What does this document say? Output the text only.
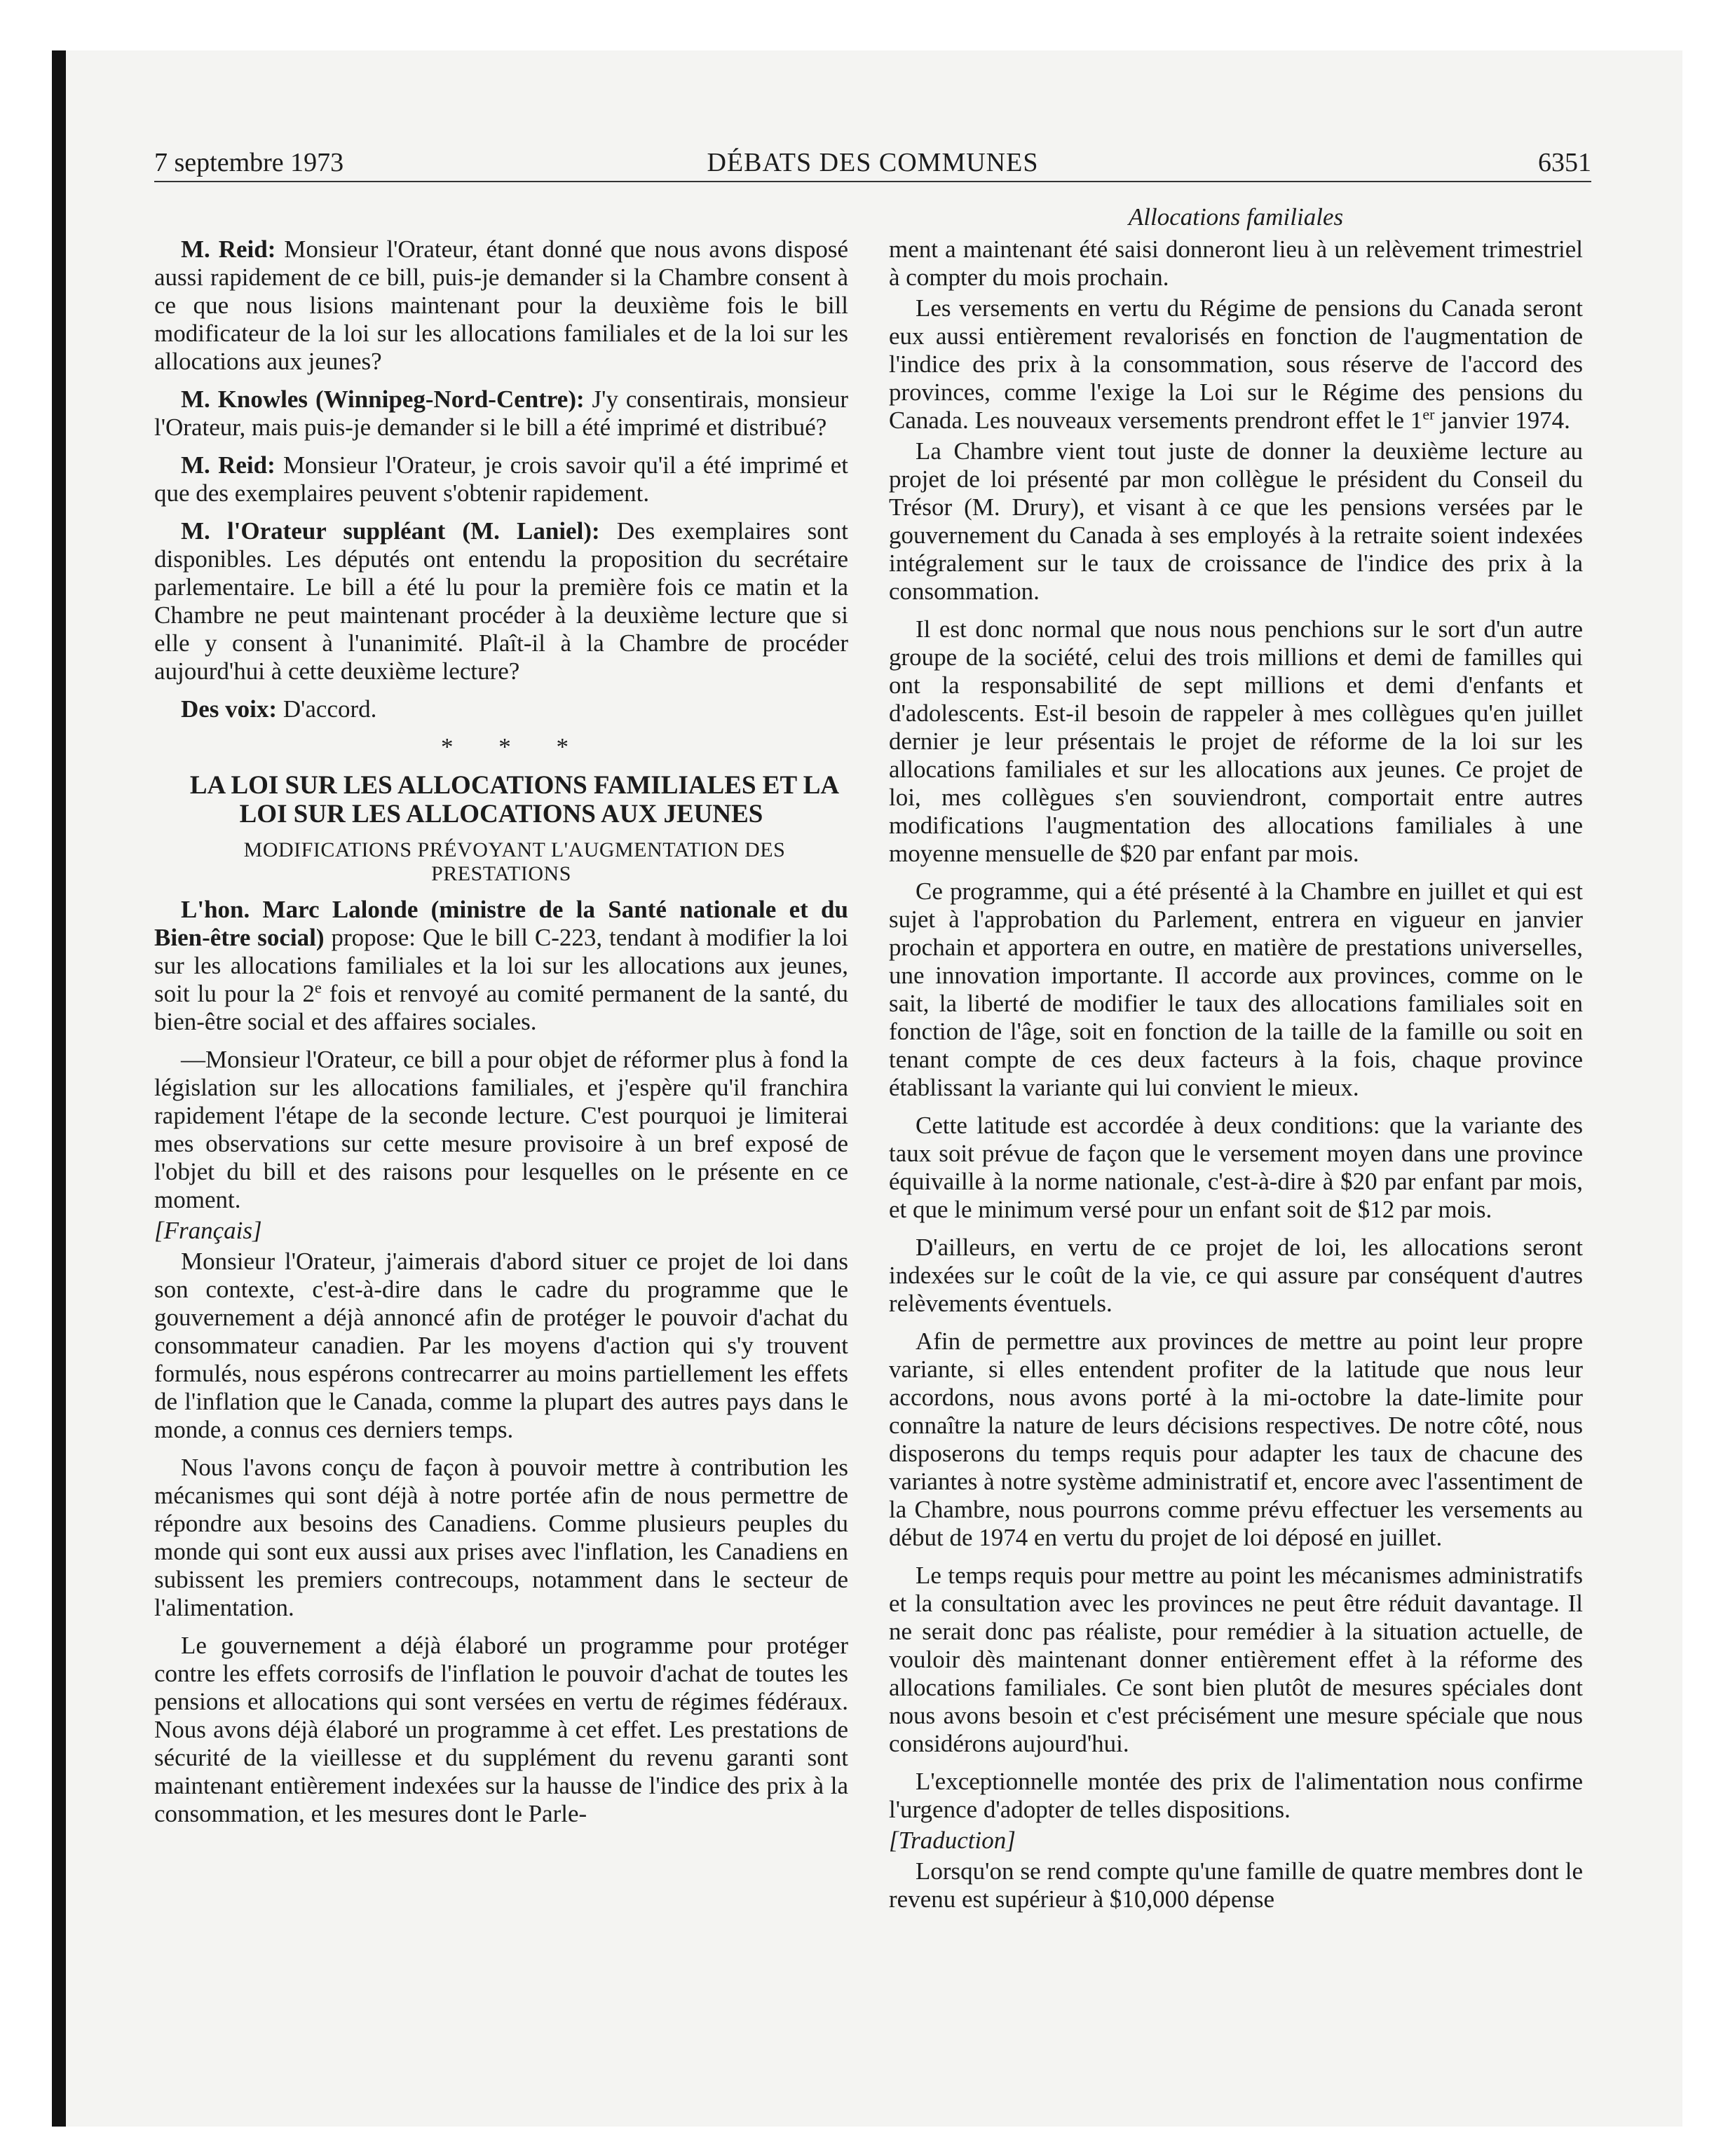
7 septembre 1973	DÉBATS DES COMMUNES	6351
Allocations familiales

M. Reid: Monsieur l'Orateur, étant donné que nous avons disposé aussi rapidement de ce bill, puis-je demander si la Chambre consent à ce que nous lisions maintenant pour la deuxième fois le bill modificateur de la loi sur les allocations familiales et de la loi sur les allocations aux jeunes?

M. Knowles (Winnipeg-Nord-Centre): J'y consentirais, monsieur l'Orateur, mais puis-je demander si le bill a été imprimé et distribué?

M. Reid: Monsieur l'Orateur, je crois savoir qu'il a été imprimé et que des exemplaires peuvent s'obtenir rapidement.

M. l'Orateur suppléant (M. Laniel): Des exemplaires sont disponibles. Les députés ont entendu la proposition du secrétaire parlementaire. Le bill a été lu pour la première fois ce matin et la Chambre ne peut maintenant procéder à la deuxième lecture que si elle y consent à l'unanimité. Plaît-il à la Chambre de procéder aujourd'hui à cette deuxième lecture?

Des voix: D'accord.

* * *

LA LOI SUR LES ALLOCATIONS FAMILIALES ET LA LOI SUR LES ALLOCATIONS AUX JEUNES

MODIFICATIONS PRÉVOYANT L'AUGMENTATION DES PRESTATIONS

L'hon. Marc Lalonde (ministre de la Santé nationale et du Bien-être social) propose: Que le bill C-223, tendant à modifier la loi sur les allocations familiales et la loi sur les allocations aux jeunes, soit lu pour la 2e fois et renvoyé au comité permanent de la santé, du bien-être social et des affaires sociales.

—Monsieur l'Orateur, ce bill a pour objet de réformer plus à fond la législation sur les allocations familiales, et j'espère qu'il franchira rapidement l'étape de la seconde lecture. C'est pourquoi je limiterai mes observations sur cette mesure provisoire à un bref exposé de l'objet du bill et des raisons pour lesquelles on le présente en ce moment.

[Français]

Monsieur l'Orateur, j'aimerais d'abord situer ce projet de loi dans son contexte, c'est-à-dire dans le cadre du programme que le gouvernement a déjà annoncé afin de protéger le pouvoir d'achat du consommateur canadien. Par les moyens d'action qui s'y trouvent formulés, nous espérons contrecarrer au moins partiellement les effets de l'inflation que le Canada, comme la plupart des autres pays dans le monde, a connus ces derniers temps.

Nous l'avons conçu de façon à pouvoir mettre à contribution les mécanismes qui sont déjà à notre portée afin de nous permettre de répondre aux besoins des Canadiens. Comme plusieurs peuples du monde qui sont eux aussi aux prises avec l'inflation, les Canadiens en subissent les premiers contrecoups, notamment dans le secteur de l'alimentation.

Le gouvernement a déjà élaboré un programme pour protéger contre les effets corrosifs de l'inflation le pouvoir d'achat de toutes les pensions et allocations qui sont versées en vertu de régimes fédéraux. Nous avons déjà élaboré un programme à cet effet. Les prestations de sécurité de la vieillesse et du supplément du revenu garanti sont maintenant entièrement indexées sur la hausse de l'indice des prix à la consommation, et les mesures dont le Parle-

ment a maintenant été saisi donneront lieu à un relèvement trimestriel à compter du mois prochain.

Les versements en vertu du Régime de pensions du Canada seront eux aussi entièrement revalorisés en fonction de l'augmentation de l'indice des prix à la consommation, sous réserve de l'accord des provinces, comme l'exige la Loi sur le Régime des pensions du Canada. Les nouveaux versements prendront effet le 1er janvier 1974.

La Chambre vient tout juste de donner la deuxième lecture au projet de loi présenté par mon collègue le président du Conseil du Trésor (M. Drury), et visant à ce que les pensions versées par le gouvernement du Canada à ses employés à la retraite soient indexées intégralement sur le taux de croissance de l'indice des prix à la consommation.

Il est donc normal que nous nous penchions sur le sort d'un autre groupe de la société, celui des trois millions et demi de familles qui ont la responsabilité de sept millions et demi d'enfants et d'adolescents. Est-il besoin de rappeler à mes collègues qu'en juillet dernier je leur présentais le projet de réforme de la loi sur les allocations familiales et sur les allocations aux jeunes. Ce projet de loi, mes collègues s'en souviendront, comportait entre autres modifications l'augmentation des allocations familiales à une moyenne mensuelle de $20 par enfant par mois.

Ce programme, qui a été présenté à la Chambre en juillet et qui est sujet à l'approbation du Parlement, entrera en vigueur en janvier prochain et apportera en outre, en matière de prestations universelles, une innovation importante. Il accorde aux provinces, comme on le sait, la liberté de modifier le taux des allocations familiales soit en fonction de l'âge, soit en fonction de la taille de la famille ou soit en tenant compte de ces deux facteurs à la fois, chaque province établissant la variante qui lui convient le mieux.

Cette latitude est accordée à deux conditions: que la variante des taux soit prévue de façon que le versement moyen dans une province équivaille à la norme nationale, c'est-à-dire à $20 par enfant par mois, et que le minimum versé pour un enfant soit de $12 par mois.

D'ailleurs, en vertu de ce projet de loi, les allocations seront indexées sur le coût de la vie, ce qui assure par conséquent d'autres relèvements éventuels.

Afin de permettre aux provinces de mettre au point leur propre variante, si elles entendent profiter de la latitude que nous leur accordons, nous avons porté à la mi-octobre la date-limite pour connaître la nature de leurs décisions respectives. De notre côté, nous disposerons du temps requis pour adapter les taux de chacune des variantes à notre système administratif et, encore avec l'assentiment de la Chambre, nous pourrons comme prévu effectuer les versements au début de 1974 en vertu du projet de loi déposé en juillet.

Le temps requis pour mettre au point les mécanismes administratifs et la consultation avec les provinces ne peut être réduit davantage. Il ne serait donc pas réaliste, pour remédier à la situation actuelle, de vouloir dès maintenant donner entièrement effet à la réforme des allocations familiales. Ce sont bien plutôt de mesures spéciales dont nous avons besoin et c'est précisément une mesure spéciale que nous considérons aujourd'hui.

L'exceptionnelle montée des prix de l'alimentation nous confirme l'urgence d'adopter de telles dispositions.

[Traduction]

Lorsqu'on se rend compte qu'une famille de quatre membres dont le revenu est supérieur à $10,000 dépense
